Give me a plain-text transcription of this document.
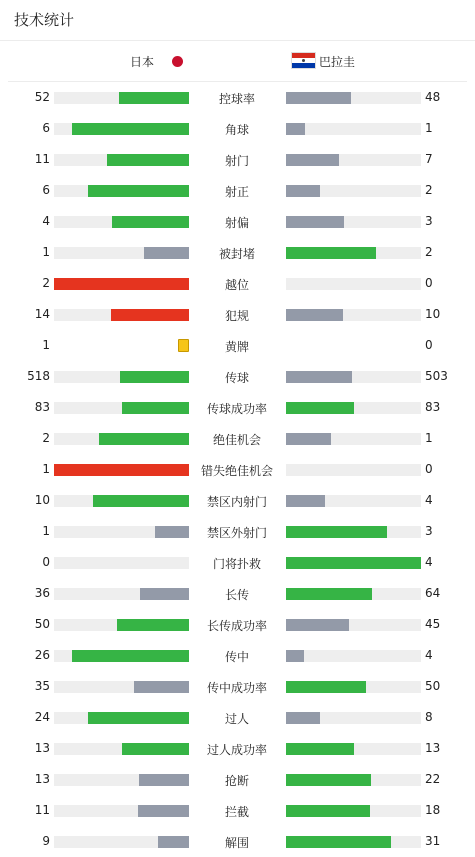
技术统计
日本	巴拉圭
52	控球率	48
6	角球	1
11	射门	7
6	射正	2
4	射偏	3
1	被封堵	2
2	越位	0
14	犯规	10
1	黄牌	0
518	传球	503
83	传球成功率	83
2	绝佳机会	1
1	错失绝佳机会	0
10	禁区内射门	4
1	禁区外射门	3
0	门将扑救	4
36	长传	64
50	长传成功率	45
26	传中	4
35	传中成功率	50
24	过人	8
13	过人成功率	13
13	抢断	22
11	拦截	18
9	解围	31
